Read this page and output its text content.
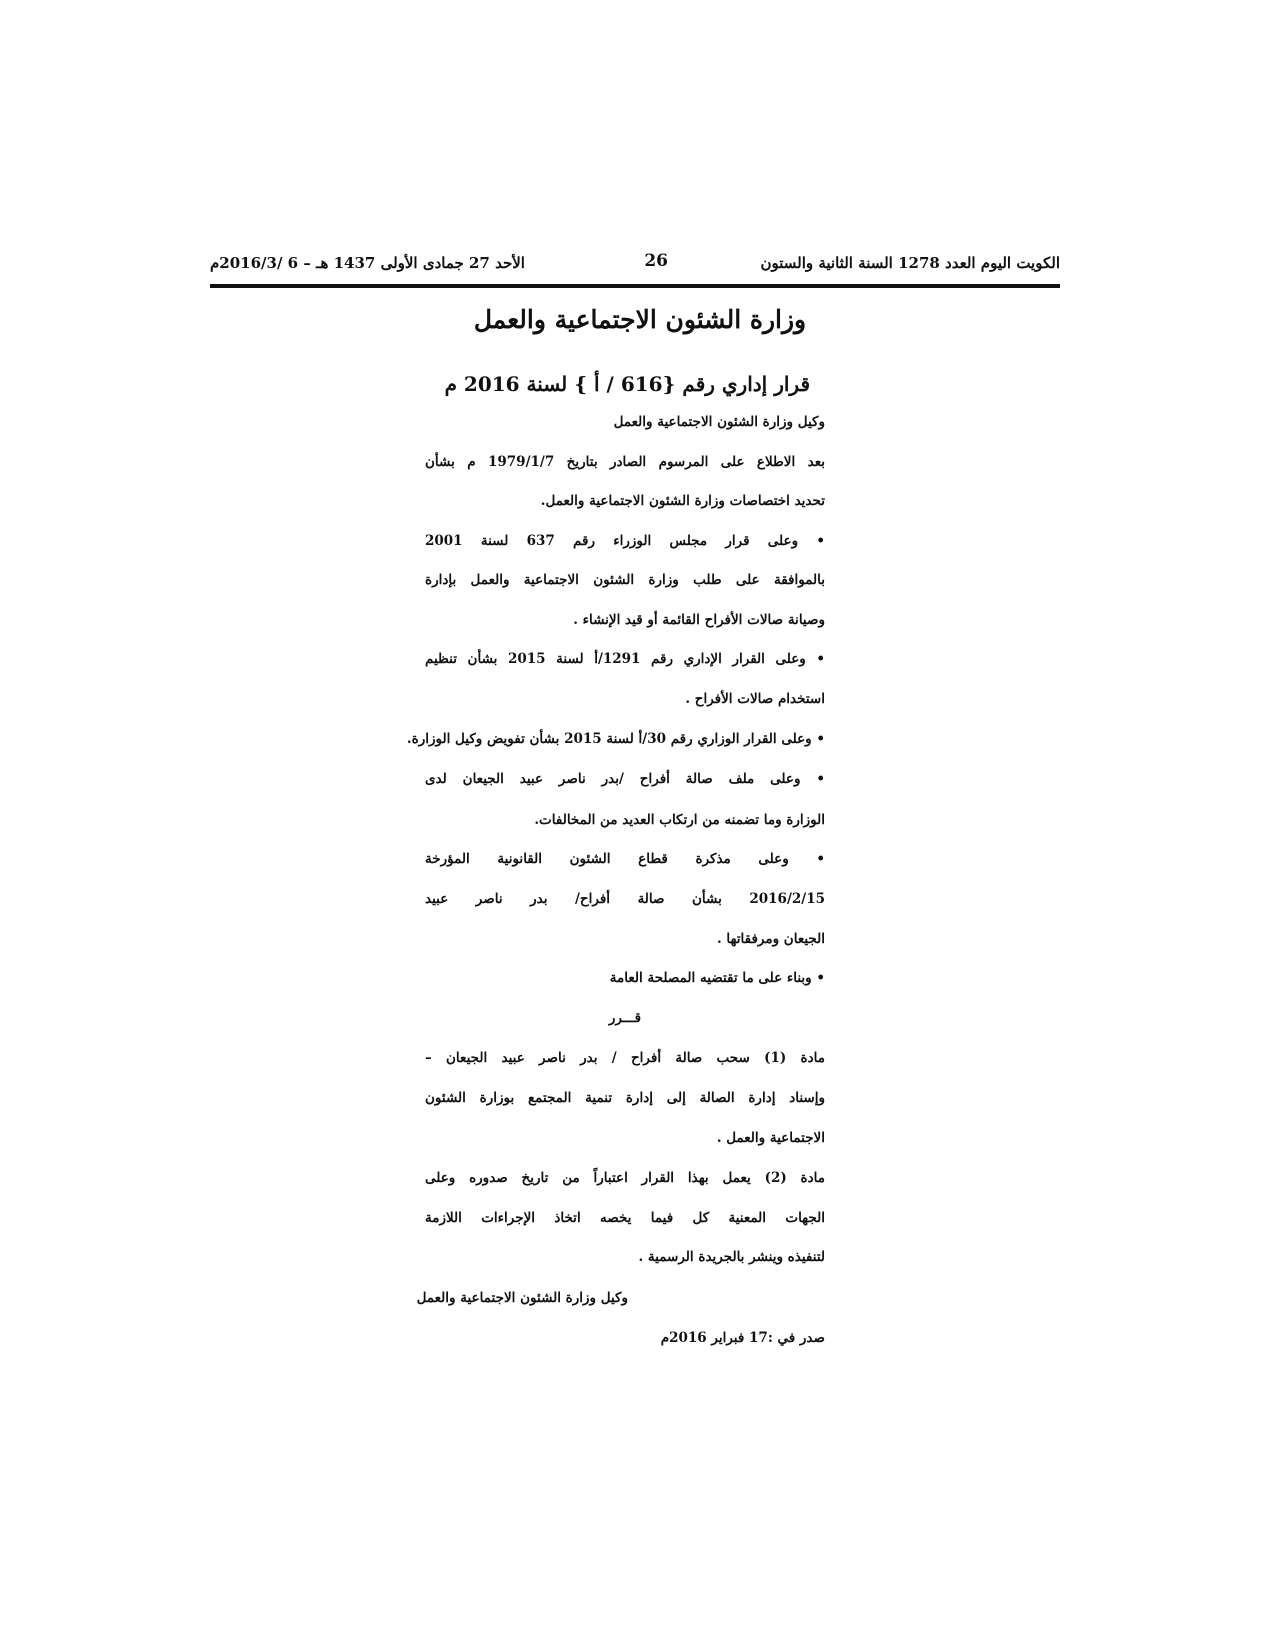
الكويت اليوم العدد 1278 السنة الثانية والستون
26
الأحد 27 جمادى الأولى 1437 هـ – 6 /2016/3م
وزارة الشئون الاجتماعية والعمل
قرار إداري رقم {616 / أ } لسنة 2016 م
وكيل وزارة الشئون الاجتماعية والعمل
بعد الاطلاع على المرسوم الصادر بتاريخ 1979/1/7 م بشأن
تحديد اختصاصات وزارة الشئون الاجتماعية والعمل.
• وعلى قرار مجلس الوزراء رقم 637 لسنة 2001
بالموافقة على طلب وزارة الشئون الاجتماعية والعمل بإدارة
وصيانة صالات الأفراح القائمة أو قيد الإنشاء .
• وعلى القرار الإداري رقم 1291/أ لسنة 2015 بشأن تنظيم
استخدام صالات الأفراح .
• وعلى القرار الوزاري رقم 30/أ لسنة 2015 بشأن تفويض وكيل الوزارة.
• وعلى ملف صالة أفراح /بدر ناصر عبيد الجيعان لدى
الوزارة وما تضمنه من ارتكاب العديد من المخالفات.
• وعلى مذكرة قطاع الشئون القانونية المؤرخة
2016/2/15 بشأن صالة أفراح/ بدر ناصر عبيد
الجيعان ومرفقاتها .
• وبناء على ما تقتضيه المصلحة العامة
قـــرر
مادة (1) سحب صالة أفراح / بدر ناصر عبيد الجيعان –
وإسناد إدارة الصالة إلى إدارة تنمية المجتمع بوزارة الشئون
الاجتماعية والعمل .
مادة (2) يعمل بهذا القرار اعتباراً من تاريخ صدوره وعلى
الجهات المعنية كل فيما يخصه اتخاذ الإجراءات اللازمة
لتنفيذه وينشر بالجريدة الرسمية .
وكيل وزارة الشئون الاجتماعية والعمل
صدر في :17 فبراير 2016م
